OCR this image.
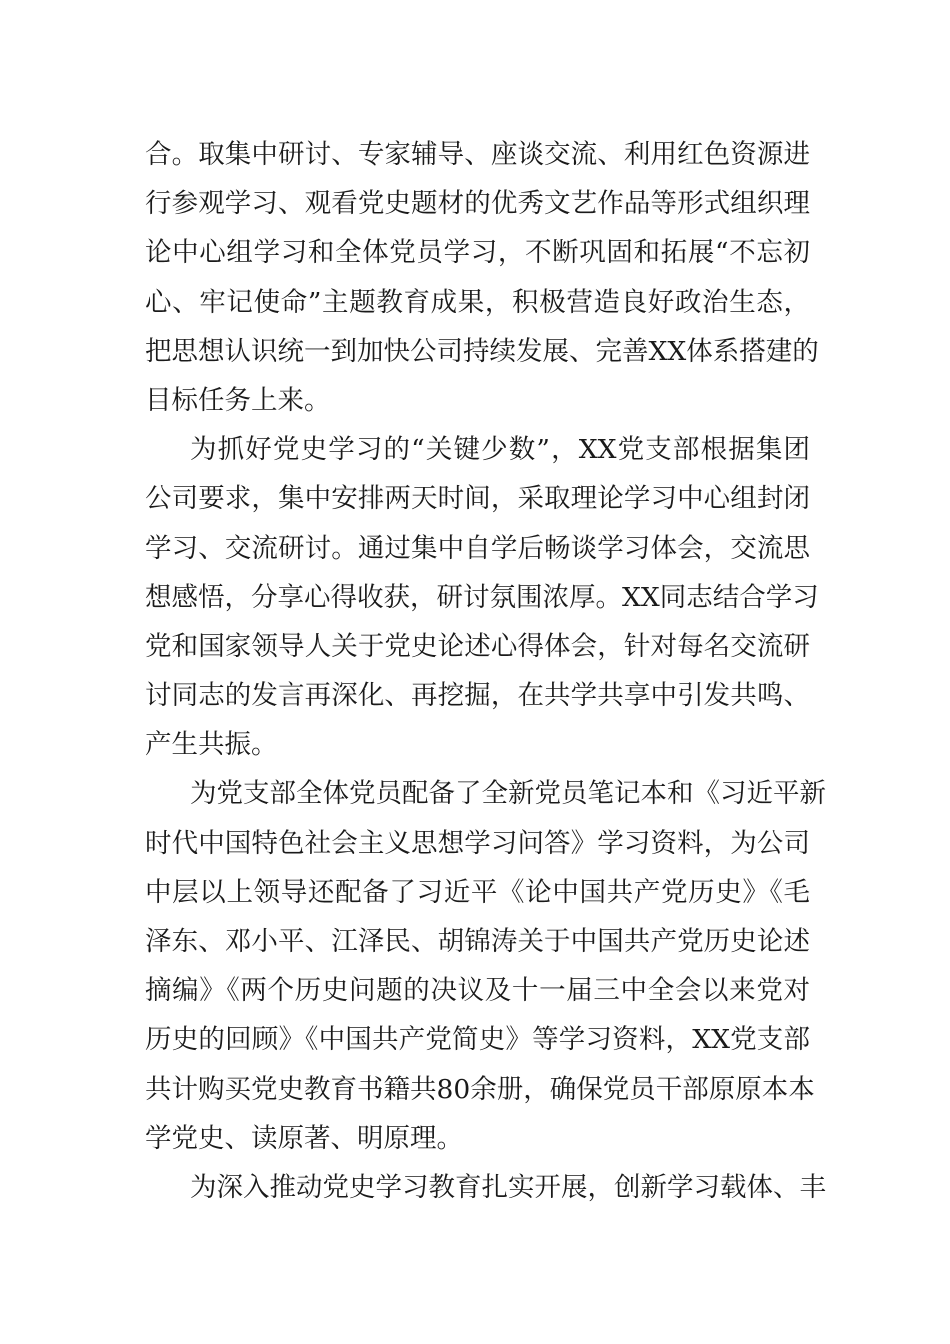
合。取集中研讨、专家辅导、座谈交流、利用红色资源进
行参观学习、观看党史题材的优秀文艺作品等形式组织理
论中心组学习和全体党员学习，不断巩固和拓展“不忘初
心、牢记使命”主题教育成果，积极营造良好政治生态，
把思想认识统一到加快公司持续发展、完善XX体系搭建的
目标任务上来。
为抓好党史学习的“关键少数”，XX党支部根据集团
公司要求，集中安排两天时间，采取理论学习中心组封闭
学习、交流研讨。通过集中自学后畅谈学习体会，交流思
想感悟，分享心得收获，研讨氛围浓厚。XX同志结合学习
党和国家领导人关于党史论述心得体会，针对每名交流研
讨同志的发言再深化、再挖掘，在共学共享中引发共鸣、
产生共振。
为党支部全体党员配备了全新党员笔记本和《习近平新
时代中国特色社会主义思想学习问答》学习资料，为公司
中层以上领导还配备了习近平《论中国共产党历史》《毛
泽东、邓小平、江泽民、胡锦涛关于中国共产党历史论述
摘编》《两个历史问题的决议及十一届三中全会以来党对
历史的回顾》《中国共产党简史》等学习资料，XX党支部
共计购买党史教育书籍共80余册，确保党员干部原原本本
学党史、读原著、明原理。
为深入推动党史学习教育扎实开展，创新学习载体、丰
